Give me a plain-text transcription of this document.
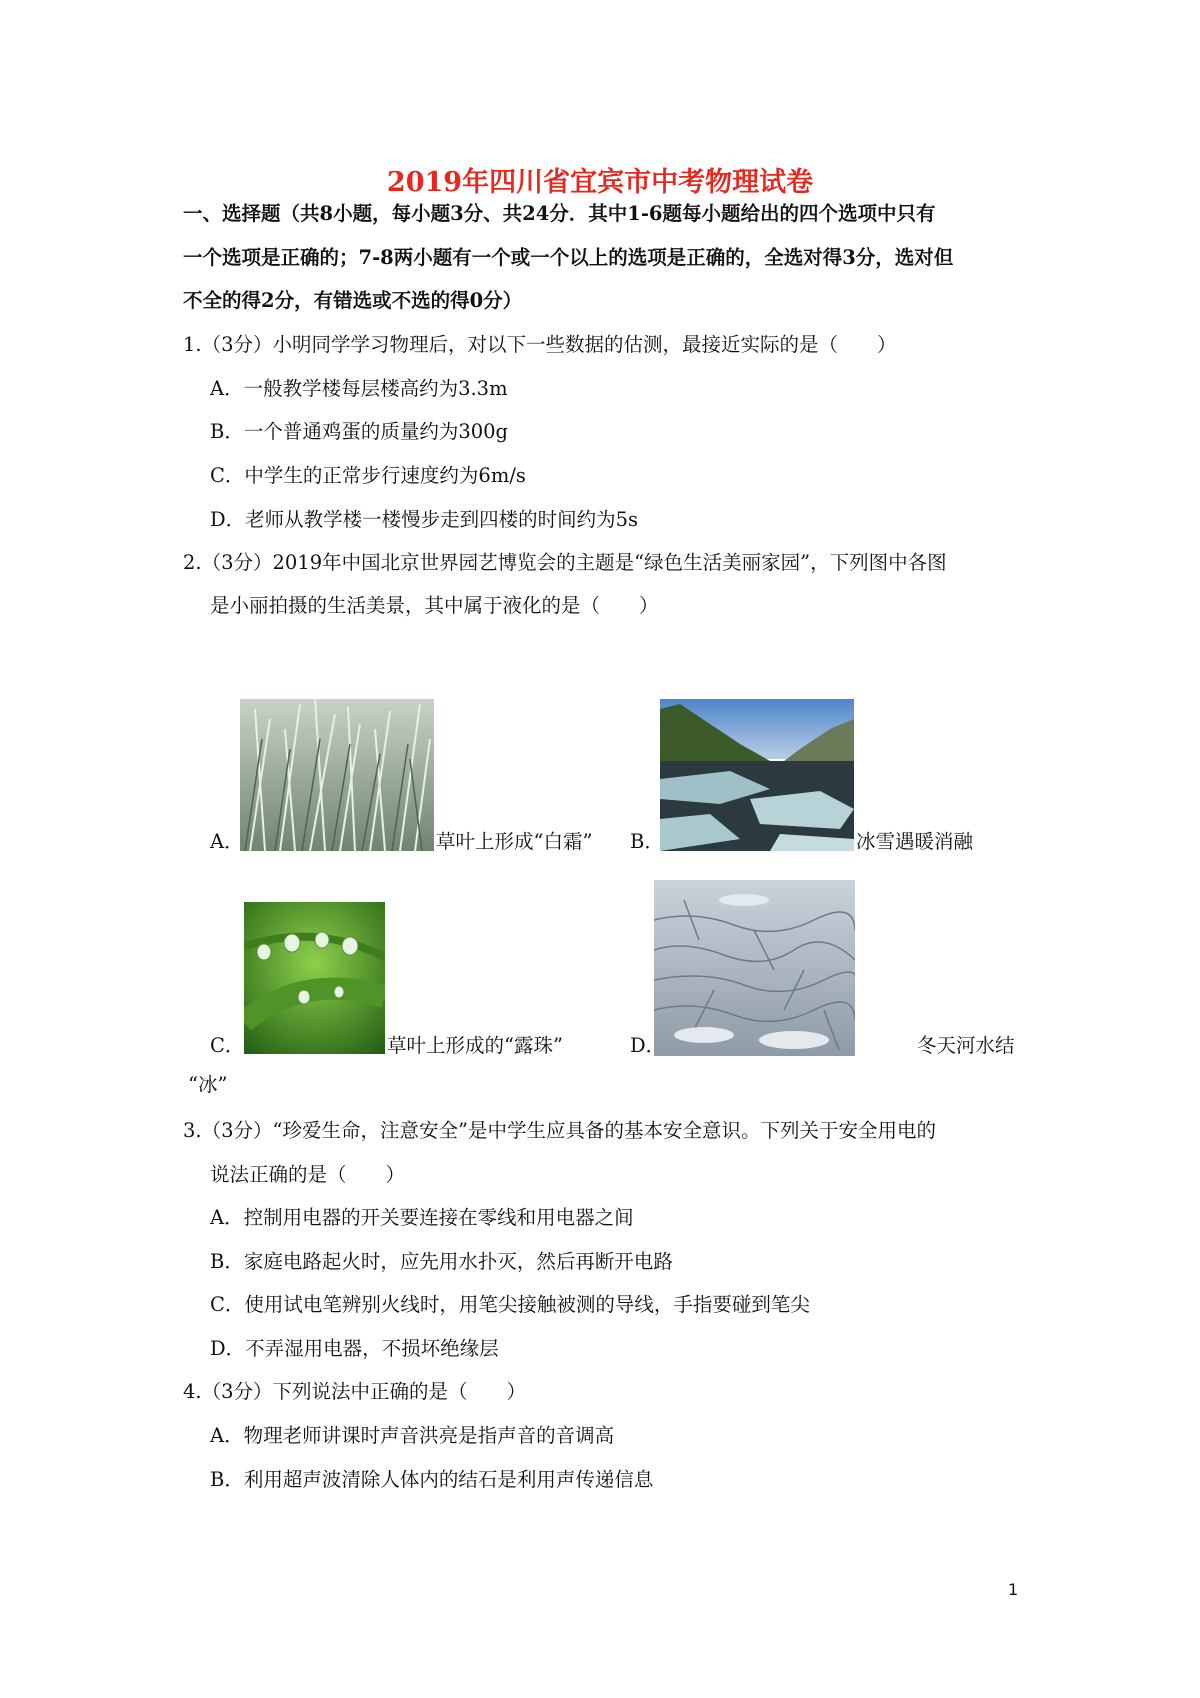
2019年四川省宜宾市中考物理试卷
一、选择题（共8小题，每小题3分、共24分．其中1-6题每小题给出的四个选项中只有
一个选项是正确的；7-8两小题有一个或一个以上的选项是正确的，全选对得3分，选对但
不全的得2分，有错选或不选的得0分）
1.（3分）小明同学学习物理后，对以下一些数据的估测，最接近实际的是（　　）
A．一般教学楼每层楼高约为3.3m
B．一个普通鸡蛋的质量约为300g
C．中学生的正常步行速度约为6m/s
D．老师从教学楼一楼慢步走到四楼的时间约为5s
2.（3分）2019年中国北京世界园艺博览会的主题是“绿色生活美丽家园”，下列图中各图
是小丽拍摄的生活美景，其中属于液化的是（　　）
A．	草叶上形成“白霜” B．	冰雪遇暖消融
C．	草叶上形成的“露珠”	D．	冬天河水结
“冰”
3.（3分）“珍爱生命，注意安全”是中学生应具备的基本安全意识。下列关于安全用电的
说法正确的是（　　）
A．控制用电器的开关要连接在零线和用电器之间
B．家庭电路起火时，应先用水扑灭，然后再断开电路
C．使用试电笔辨别火线时，用笔尖接触被测的导线，手指要碰到笔尖
D．不弄湿用电器，不损坏绝缘层
4.（3分）下列说法中正确的是（　　）
A．物理老师讲课时声音洪亮是指声音的音调高
B．利用超声波清除人体内的结石是利用声传递信息
1
